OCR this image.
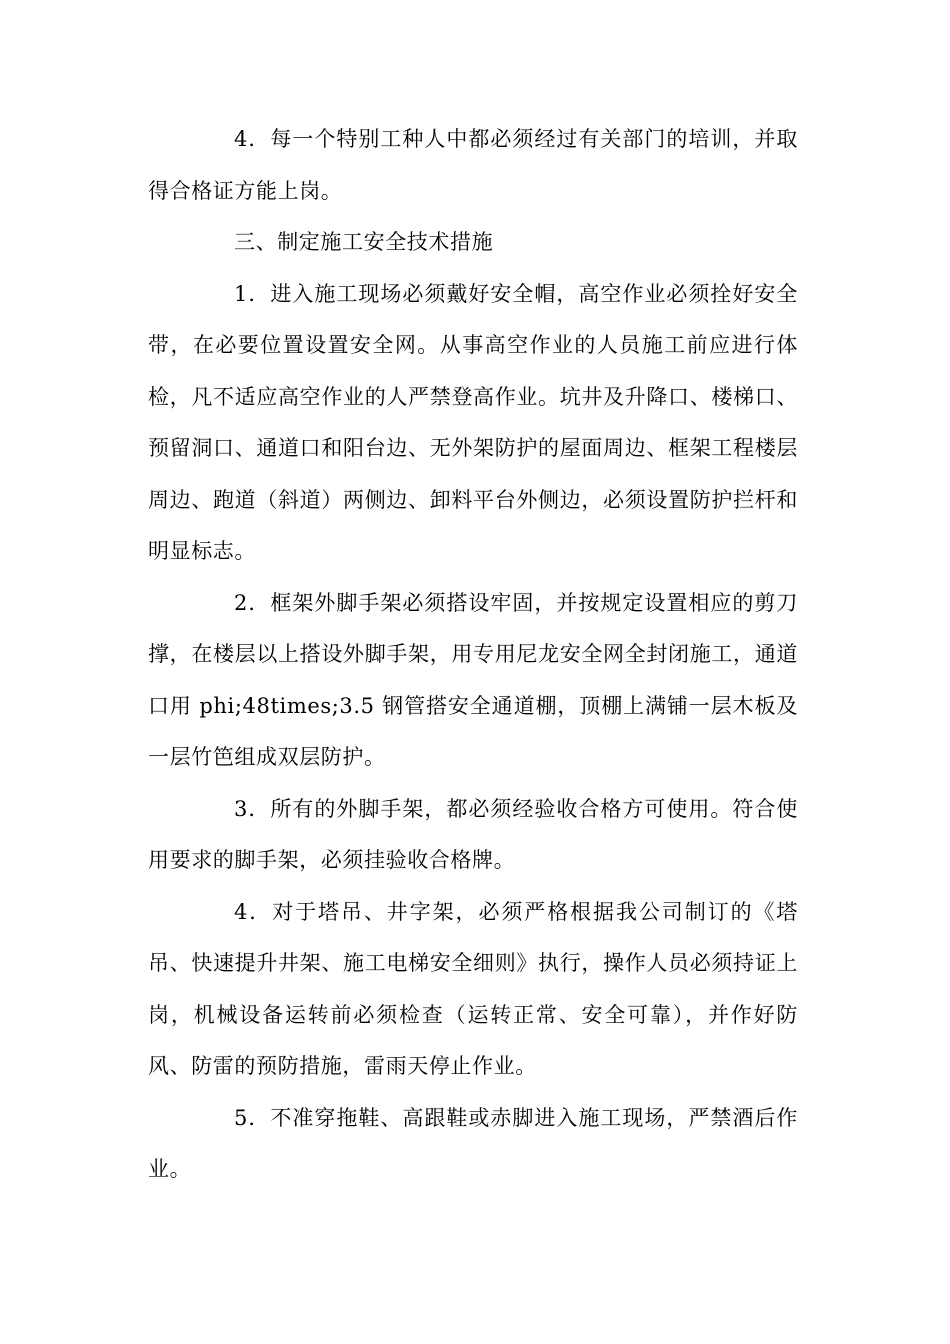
4．每一个特别工种人中都必须经过有关部门的培训，并取得合格证方能上岗。

三、制定施工安全技术措施

1．进入施工现场必须戴好安全帽，高空作业必须拴好安全带，在必要位置设置安全网。从事高空作业的人员施工前应进行体检，凡不适应高空作业的人严禁登高作业。坑井及升降口、楼梯口、预留洞口、通道口和阳台边、无外架防护的屋面周边、框架工程楼层周边、跑道（斜道）两侧边、卸料平台外侧边，必须设置防护拦杆和明显标志。

2．框架外脚手架必须搭设牢固，并按规定设置相应的剪刀撑，在楼层以上搭设外脚手架，用专用尼龙安全网全封闭施工，通道口用 phi;48times;3.5 钢管搭安全通道棚，顶棚上满铺一层木板及一层竹笆组成双层防护。

3．所有的外脚手架，都必须经验收合格方可使用。符合使用要求的脚手架，必须挂验收合格牌。

4．对于塔吊、井字架，必须严格根据我公司制订的《塔吊、快速提升井架、施工电梯安全细则》执行，操作人员必须持证上岗，机械设备运转前必须检查（运转正常、安全可靠），并作好防风、防雷的预防措施，雷雨天停止作业。

5．不准穿拖鞋、高跟鞋或赤脚进入施工现场，严禁酒后作业。
